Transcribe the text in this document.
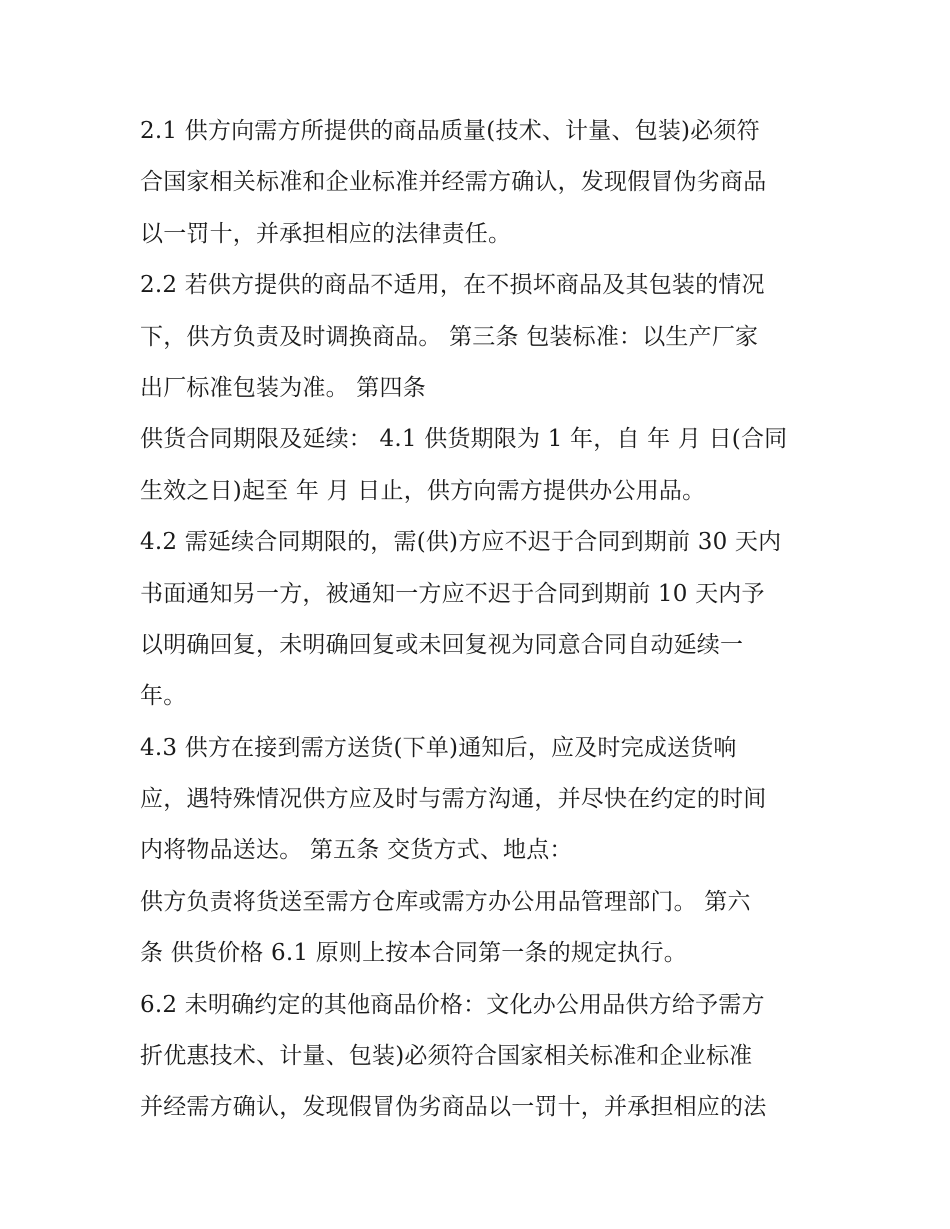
2.1 供方向需方所提供的商品质量(技术、计量、包装)必须符
合国家相关标准和企业标准并经需方确认，发现假冒伪劣商品
以一罚十，并承担相应的法律责任。
2.2 若供方提供的商品不适用，在不损坏商品及其包装的情况
下，供方负责及时调换商品。 第三条 包装标准：以生产厂家
出厂标准包装为准。 第四条
供货合同期限及延续： 4.1 供货期限为 1 年，自 年 月 日(合同
生效之日)起至 年 月 日止，供方向需方提供办公用品。
4.2 需延续合同期限的，需(供)方应不迟于合同到期前 30 天内
书面通知另一方，被通知一方应不迟于合同到期前 10 天内予
以明确回复，未明确回复或未回复视为同意合同自动延续一
年。
4.3 供方在接到需方送货(下单)通知后，应及时完成送货响
应，遇特殊情况供方应及时与需方沟通，并尽快在约定的时间
内将物品送达。 第五条 交货方式、地点：
供方负责将货送至需方仓库或需方办公用品管理部门。 第六
条 供货价格 6.1 原则上按本合同第一条的规定执行。
6.2 未明确约定的其他商品价格：文化办公用品供方给予需方
折优惠技术、计量、包装)必须符合国家相关标准和企业标准
并经需方确认，发现假冒伪劣商品以一罚十，并承担相应的法
